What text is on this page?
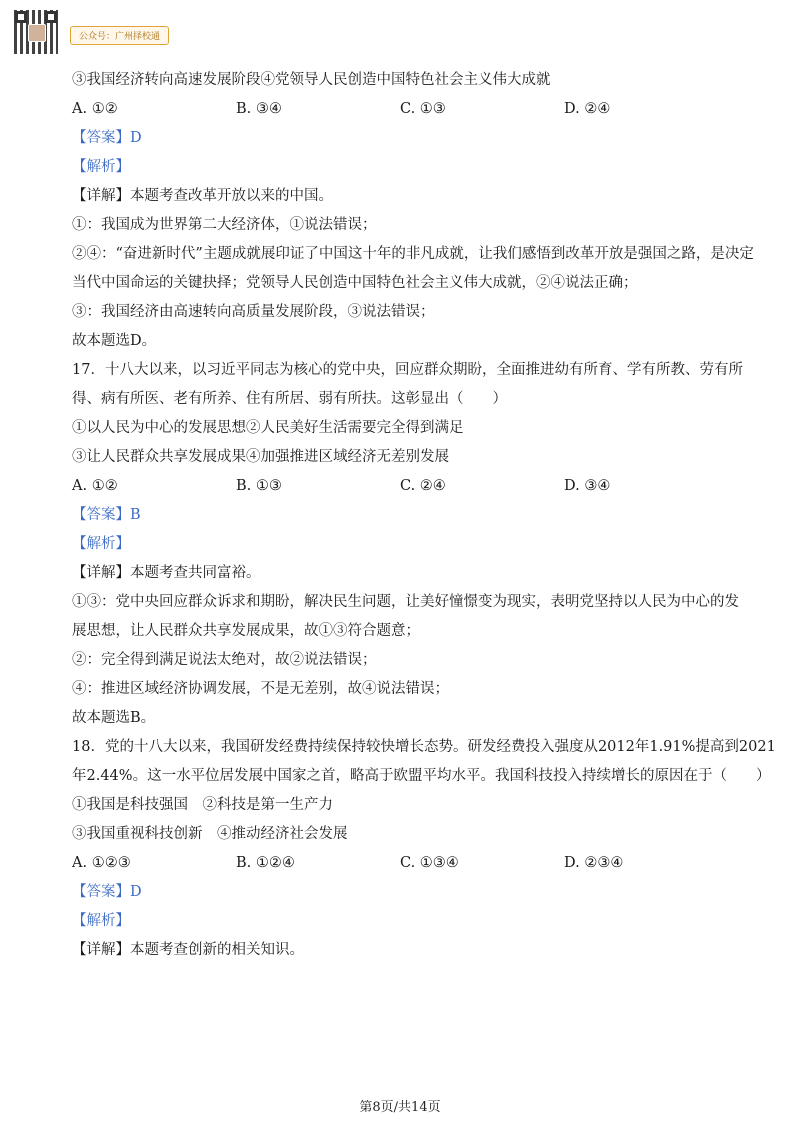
公众号：广州择校通
③我国经济转向高速发展阶段④党领导人民创造中国特色社会主义伟大成就
A. ①②	B. ③④	C. ①③	D. ②④
【答案】D
【解析】
【详解】本题考查改革开放以来的中国。
①：我国成为世界第二大经济体，①说法错误；
②④：“奋进新时代”主题成就展印证了中国这十年的非凡成就，让我们感悟到改革开放是强国之路，是决定
当代中国命运的关键抉择；党领导人民创造中国特色社会主义伟大成就，②④说法正确；
③：我国经济由高速转向高质量发展阶段，③说法错误；
故本题选D。
17．十八大以来，以习近平同志为核心的党中央，回应群众期盼，全面推进幼有所育、学有所教、劳有所
得、病有所医、老有所养、住有所居、弱有所扶。这彰显出（　　）
①以人民为中心的发展思想②人民美好生活需要完全得到满足
③让人民群众共享发展成果④加强推进区域经济无差别发展
A. ①②	B. ①③	C. ②④	D. ③④
【答案】B
【解析】
【详解】本题考查共同富裕。
①③：党中央回应群众诉求和期盼，解决民生问题，让美好憧憬变为现实，表明党坚持以人民为中心的发
展思想，让人民群众共享发展成果，故①③符合题意；
②：完全得到满足说法太绝对，故②说法错误；
④：推进区域经济协调发展，不是无差别，故④说法错误；
故本题选B。
18．党的十八大以来，我国研发经费持续保持较快增长态势。研发经费投入强度从2012年1.91%提高到2021
年2.44%。这一水平位居发展中国家之首，略高于欧盟平均水平。我国科技投入持续增长的原因在于（　　）
①我国是科技强国　②科技是第一生产力
③我国重视科技创新　④推动经济社会发展
A. ①②③	B. ①②④	C. ①③④	D. ②③④
【答案】D
【解析】
【详解】本题考查创新的相关知识。
第8页/共14页
